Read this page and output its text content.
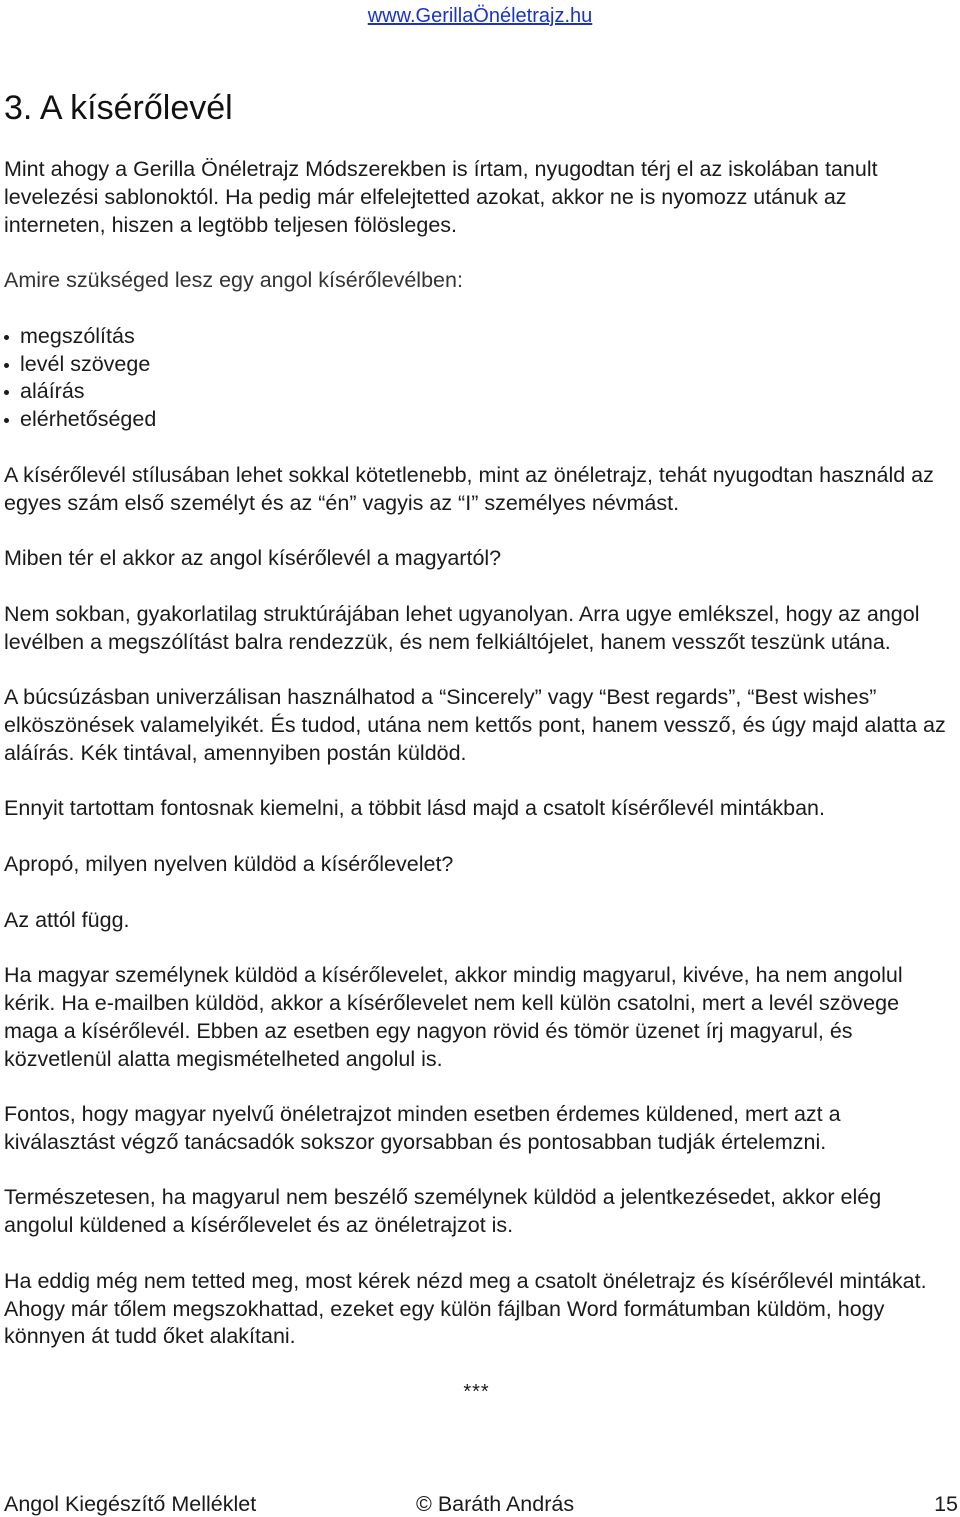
www.GerillaÖnéletrajz.hu
3. A kísérőlevél

Mint ahogy a Gerilla Önéletrajz Módszerekben is írtam, nyugodtan térj el az iskolában tanult levelezési sablonoktól. Ha pedig már elfelejtetted azokat, akkor ne is nyomozz utánuk az interneten, hiszen a legtöbb teljesen fölösleges.

Amire szükséged lesz egy angol kísérőlevélben:

megszólítás
levél szövege
aláírás
elérhetőséged

A kísérőlevél stílusában lehet sokkal kötetlenebb, mint az önéletrajz, tehát nyugodtan használd az egyes szám első személyt és az “én” vagyis az “I” személyes névmást.

Miben tér el akkor az angol kísérőlevél a magyartól?

Nem sokban, gyakorlatilag struktúrájában lehet ugyanolyan. Arra ugye emlékszel, hogy az angol levélben a megszólítást balra rendezzük, és nem felkiáltójelet, hanem vesszőt teszünk utána.

A búcsúzásban univerzálisan használhatod a “Sincerely” vagy “Best regards”, “Best wishes” elköszönések valamelyikét. És tudod, utána nem kettős pont, hanem vessző, és úgy majd alatta az aláírás. Kék tintával, amennyiben postán küldöd.

Ennyit tartottam fontosnak kiemelni, a többit lásd majd a csatolt kísérőlevél mintákban.

Apropó, milyen nyelven küldöd a kísérőlevelet?

Az attól függ.

Ha magyar személynek küldöd a kísérőlevelet, akkor mindig magyarul, kivéve, ha nem angolul kérik. Ha e-mailben küldöd, akkor a kísérőlevelet nem kell külön csatolni, mert a levél szövege maga a kísérőlevél. Ebben az esetben egy nagyon rövid és tömör üzenet írj magyarul, és közvetlenül alatta megismételheted angolul is.

Fontos, hogy magyar nyelvű önéletrajzot minden esetben érdemes küldened, mert azt a kiválasztást végző tanácsadók sokszor gyorsabban és pontosabban tudják értelemzni.

Természetesen, ha magyarul nem beszélő személynek küldöd a jelentkezésedet, akkor elég angolul küldened a kísérőlevelet és az önéletrajzot is.

Ha eddig még nem tetted meg, most kérek nézd meg a csatolt önéletrajz és kísérőlevél mintákat. Ahogy már tőlem megszokhattad, ezeket egy külön fájlban Word formátumban küldöm, hogy könnyen át tudd őket alakítani.

***
Angol Kiegészítő Melléklet	© Baráth András	15
